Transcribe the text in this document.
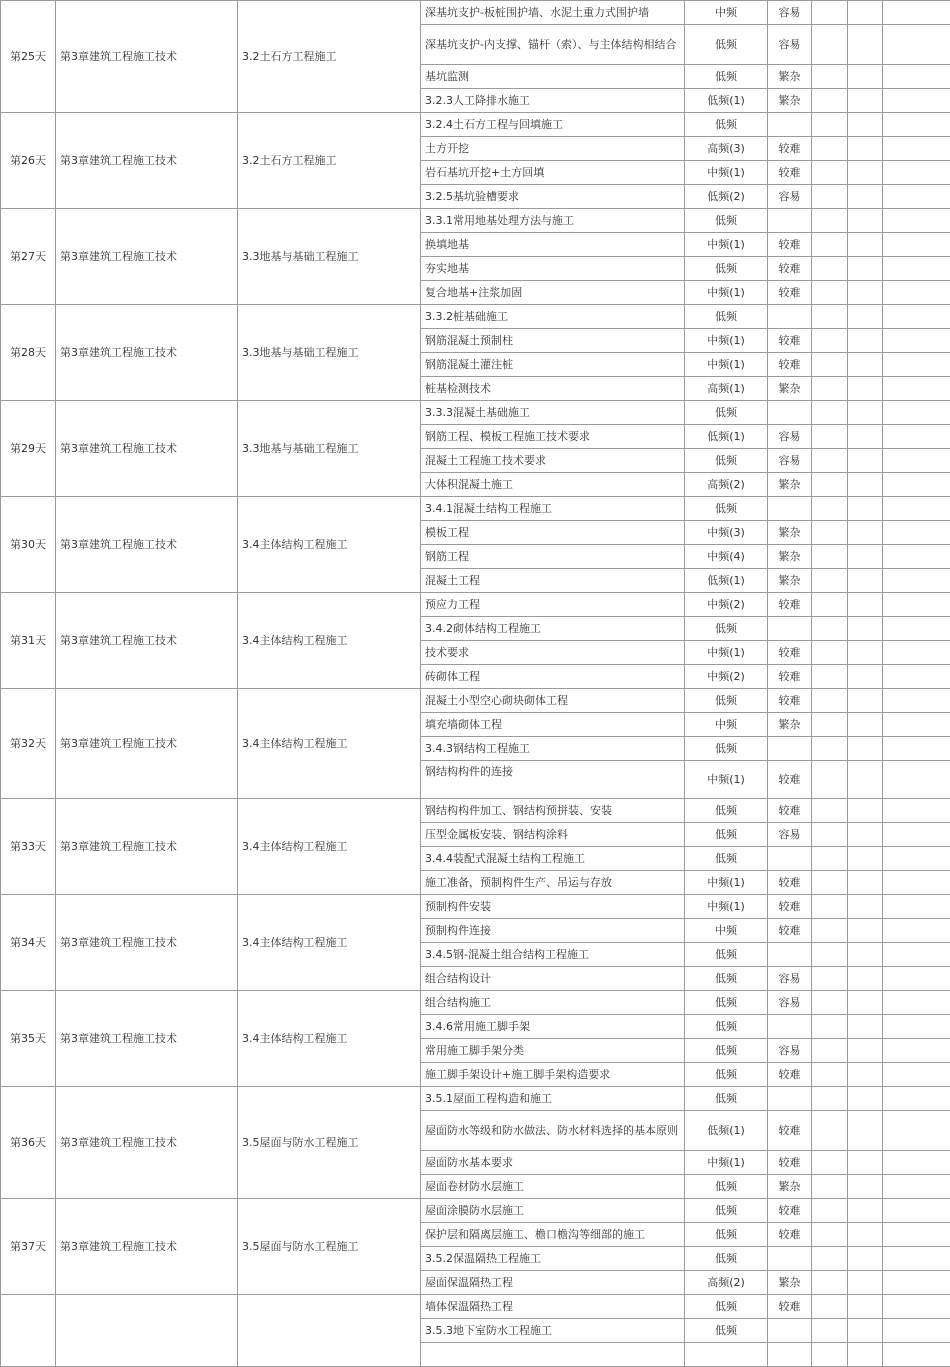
第25天	第3章建筑工程施工技术	3.2土石方工程施工	深基坑支护-板桩围护墙、水泥土重力式围护墙	中频	容易			
			深基坑支护-内支撑、锚杆（索）、与主体结构相结合	低频	容易			
			基坑监测	低频	繁杂			
			3.2.3人工降排水施工	低频(1)	繁杂			
第26天	第3章建筑工程施工技术	3.2土石方工程施工	3.2.4土石方工程与回填施工	低频				
			土方开挖	高频(3)	较难			
			岩石基坑开挖+土方回填	中频(1)	较难			
			3.2.5基坑验槽要求	低频(2)	容易			
第27天	第3章建筑工程施工技术	3.3地基与基础工程施工	3.3.1常用地基处理方法与施工	低频				
			换填地基	中频(1)	较难			
			夯实地基	低频	较难			
			复合地基+注浆加固	中频(1)	较难			
第28天	第3章建筑工程施工技术	3.3地基与基础工程施工	3.3.2桩基础施工	低频				
			钢筋混凝土预制柱	中频(1)	较难			
			钢筋混凝土灌注桩	中频(1)	较难			
			桩基检测技术	高频(1)	繁杂			
第29天	第3章建筑工程施工技术	3.3地基与基础工程施工	3.3.3混凝土基础施工	低频				
			钢筋工程、模板工程施工技术要求	低频(1)	容易			
			混凝土工程施工技术要求	低频	容易			
			大体积混凝土施工	高频(2)	繁杂			
第30天	第3章建筑工程施工技术	3.4主体结构工程施工	3.4.1混凝土结构工程施工	低频				
			模板工程	中频(3)	繁杂			
			钢筋工程	中频(4)	繁杂			
			混凝土工程	低频(1)	繁杂			
第31天	第3章建筑工程施工技术	3.4主体结构工程施工	预应力工程	中频(2)	较难			
			3.4.2砌体结构工程施工	低频				
			技术要求	中频(1)	较难			
			砖砌体工程	中频(2)	较难			
第32天	第3章建筑工程施工技术	3.4主体结构工程施工	混凝土小型空心砌块砌体工程	低频	较难			
			填充墙砌体工程	中频	繁杂			
			3.4.3钢结构工程施工	低频				
			钢结构构件的连接	中频(1)	较难			
第33天	第3章建筑工程施工技术	3.4主体结构工程施工	钢结构构件加工、钢结构预拼装、安装	低频	较难			
			压型金属板安装、钢结构涂料	低频	容易			
			3.4.4装配式混凝土结构工程施工	低频				
			施工准备，预制构件生产、吊运与存放	中频(1)	较难			
第34天	第3章建筑工程施工技术	3.4主体结构工程施工	预制构件安装	中频(1)	较难			
			预制构件连接	中频	较难			
			3.4.5钢-混凝土组合结构工程施工	低频				
			组合结构设计	低频	容易			
第35天	第3章建筑工程施工技术	3.4主体结构工程施工	组合结构施工	低频	容易			
			3.4.6常用施工脚手架	低频				
			常用施工脚手架分类	低频	容易			
			施工脚手架设计+施工脚手架构造要求	低频	较难			
第36天	第3章建筑工程施工技术	3.5屋面与防水工程施工	3.5.1屋面工程构造和施工	低频				
			屋面防水等级和防水做法、防水材料选择的基本原则	低频(1)	较难			
			屋面防水基本要求	中频(1)	较难			
			屋面卷材防水层施工	低频	繁杂			
第37天	第3章建筑工程施工技术	3.5屋面与防水工程施工	屋面涂膜防水层施工	低频	较难			
			保护层和隔离层施工、檐口檐沟等细部的施工	低频	较难			
			3.5.2保温隔热工程施工	低频				
			屋面保温隔热工程	高频(2)	繁杂			
			墙体保温隔热工程	低频	较难			
			3.5.3地下室防水工程施工	低频				
